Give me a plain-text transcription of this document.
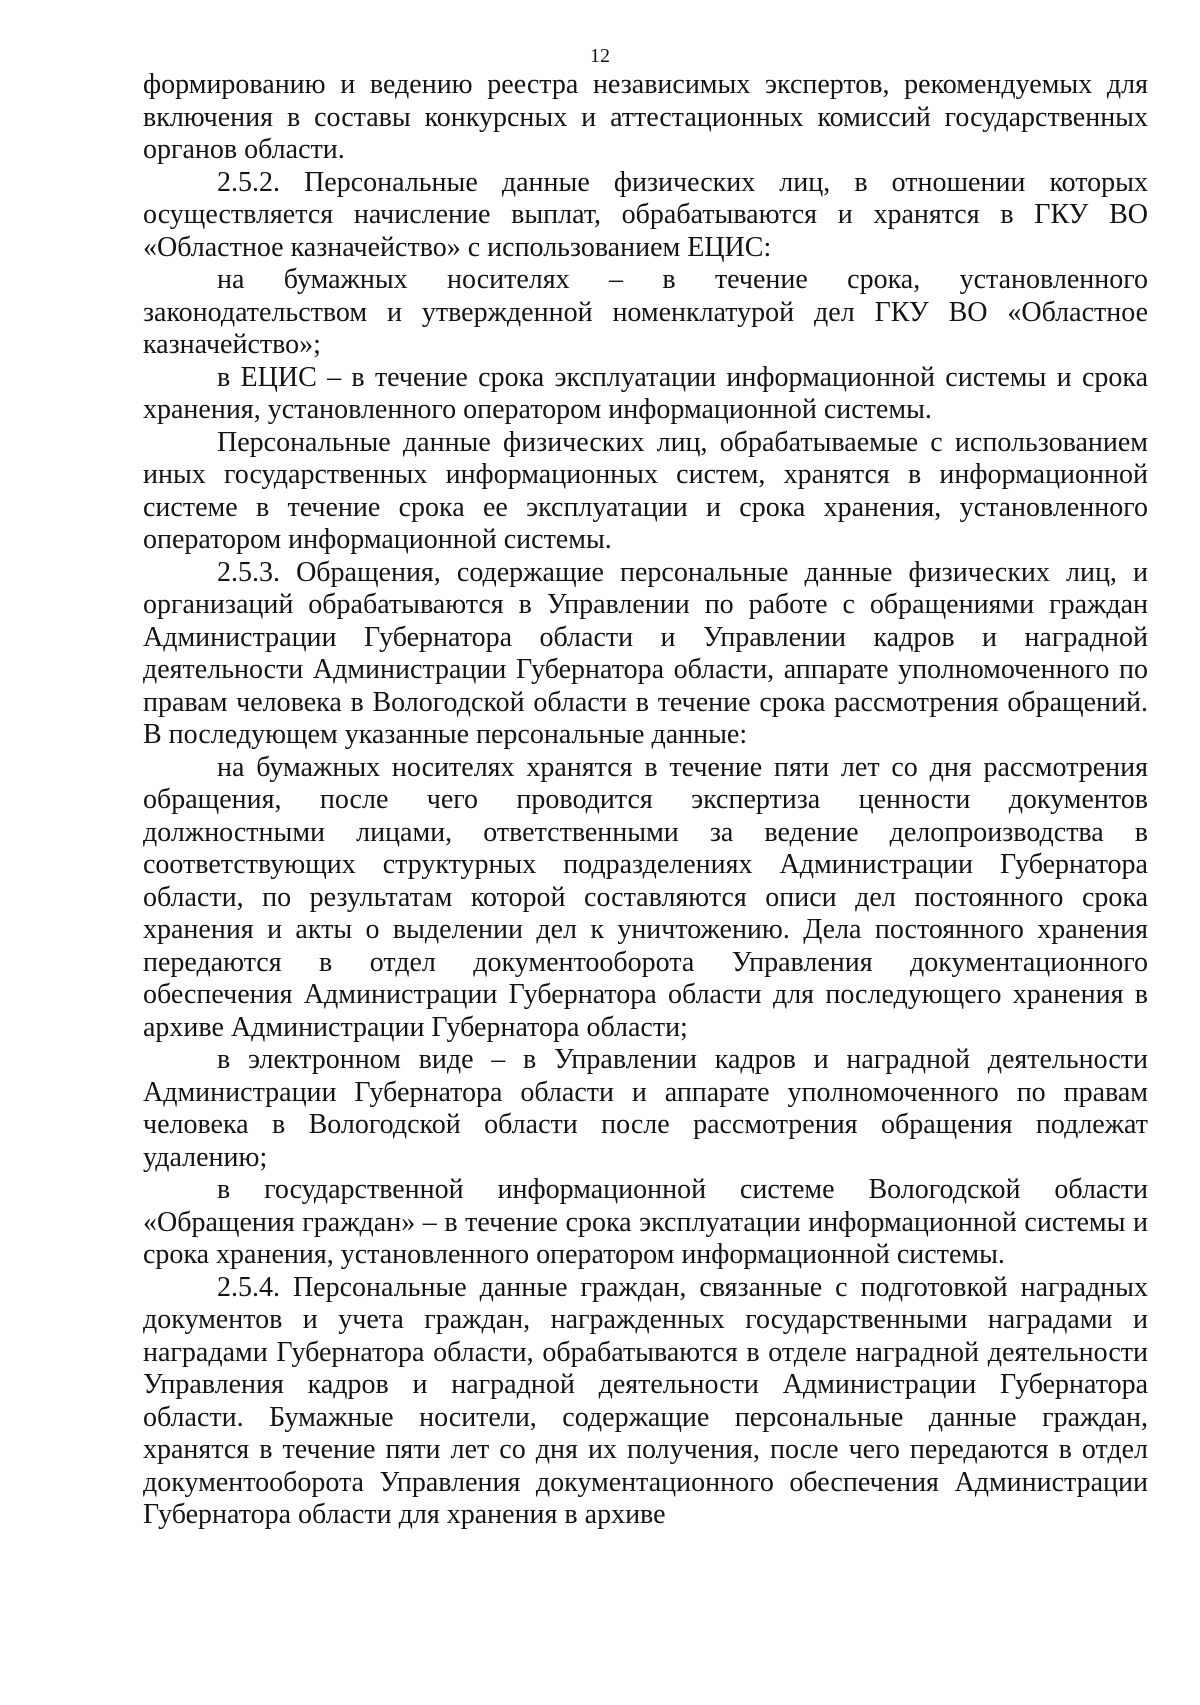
12

формированию и ведению реестра независимых экспертов, рекомендуемых для включения в составы конкурсных и аттестационных комиссий государственных органов области.

2.5.2. Персональные данные физических лиц, в отношении которых осуществляется начисление выплат, обрабатываются и хранятся в ГКУ ВО «Областное казначейство» с использованием ЕЦИС:

на бумажных носителях – в течение срока, установленного законодательством и утвержденной номенклатурой дел ГКУ ВО «Областное казначейство»;

в ЕЦИС – в течение срока эксплуатации информационной системы и срока хранения, установленного оператором информационной системы.

Персональные данные физических лиц, обрабатываемые с использованием иных государственных информационных систем, хранятся в информационной системе в течение срока ее эксплуатации и срока хранения, установленного оператором информационной системы.

2.5.3. Обращения, содержащие персональные данные физических лиц, и организаций обрабатываются в Управлении по работе с обращениями граждан Администрации Губернатора области и Управлении кадров и наградной деятельности Администрации Губернатора области, аппарате уполномоченного по правам человека в Вологодской области в течение срока рассмотрения обращений. В последующем указанные персональные данные:

на бумажных носителях хранятся в течение пяти лет со дня рассмотрения обращения, после чего проводится экспертиза ценности документов должностными лицами, ответственными за ведение делопроизводства в соответствующих структурных подразделениях Администрации Губернатора области, по результатам которой составляются описи дел постоянного срока хранения и акты о выделении дел к уничтожению. Дела постоянного хранения передаются в отдел документооборота Управления документационного обеспечения Администрации Губернатора области для последующего хранения в архиве Администрации Губернатора области;

в электронном виде – в Управлении кадров и наградной деятельности Администрации Губернатора области и аппарате уполномоченного по правам человека в Вологодской области после рассмотрения обращения подлежат удалению;

в государственной информационной системе Вологодской области «Обращения граждан» – в течение срока эксплуатации информационной системы и срока хранения, установленного оператором информационной системы.

2.5.4. Персональные данные граждан, связанные с подготовкой наградных документов и учета граждан, награжденных государственными наградами и наградами Губернатора области, обрабатываются в отделе наградной деятельности Управления кадров и наградной деятельности Администрации Губернатора области. Бумажные носители, содержащие персональные данные граждан, хранятся в течение пяти лет со дня их получения, после чего передаются в отдел документооборота Управления документационного обеспечения Администрации Губернатора области для хранения в архиве
